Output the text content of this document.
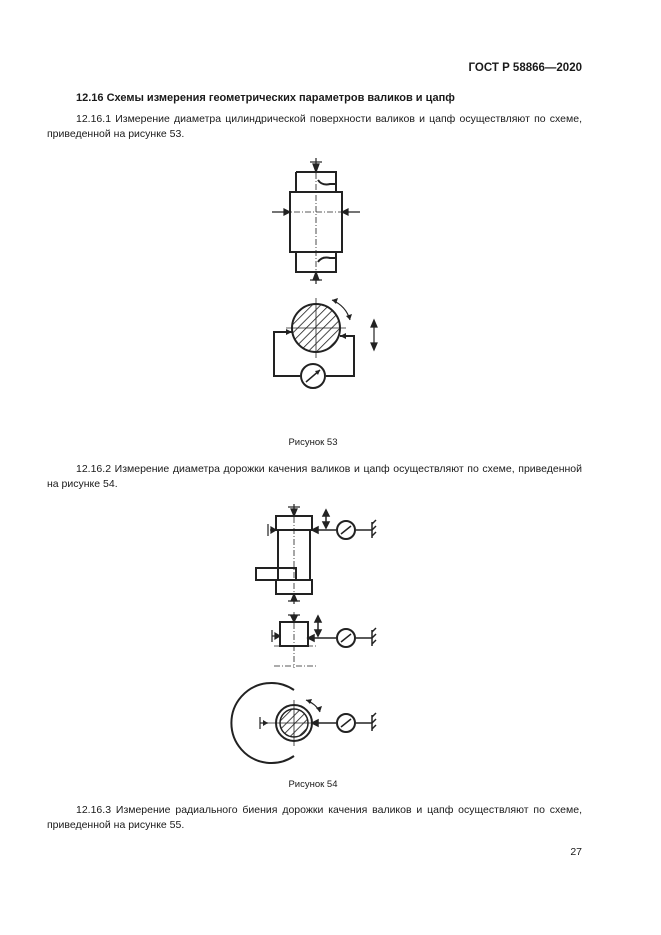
ГОСТ Р 58866—2020
12.16 Схемы измерения геометрических параметров валиков и цапф

12.16.1 Измерение диаметра цилиндрической поверхности валиков и цапф осуществляют по схеме, приведенной на рисунке 53.

Рисунок 53

12.16.2 Измерение диаметра дорожки качения валиков и цапф осуществляют по схеме, приведенной на рисунке 54.

Рисунок 54

12.16.3 Измерение радиального биения дорожки качения валиков и цапф осуществляют по схеме, приведенной на рисунке 55.

27
